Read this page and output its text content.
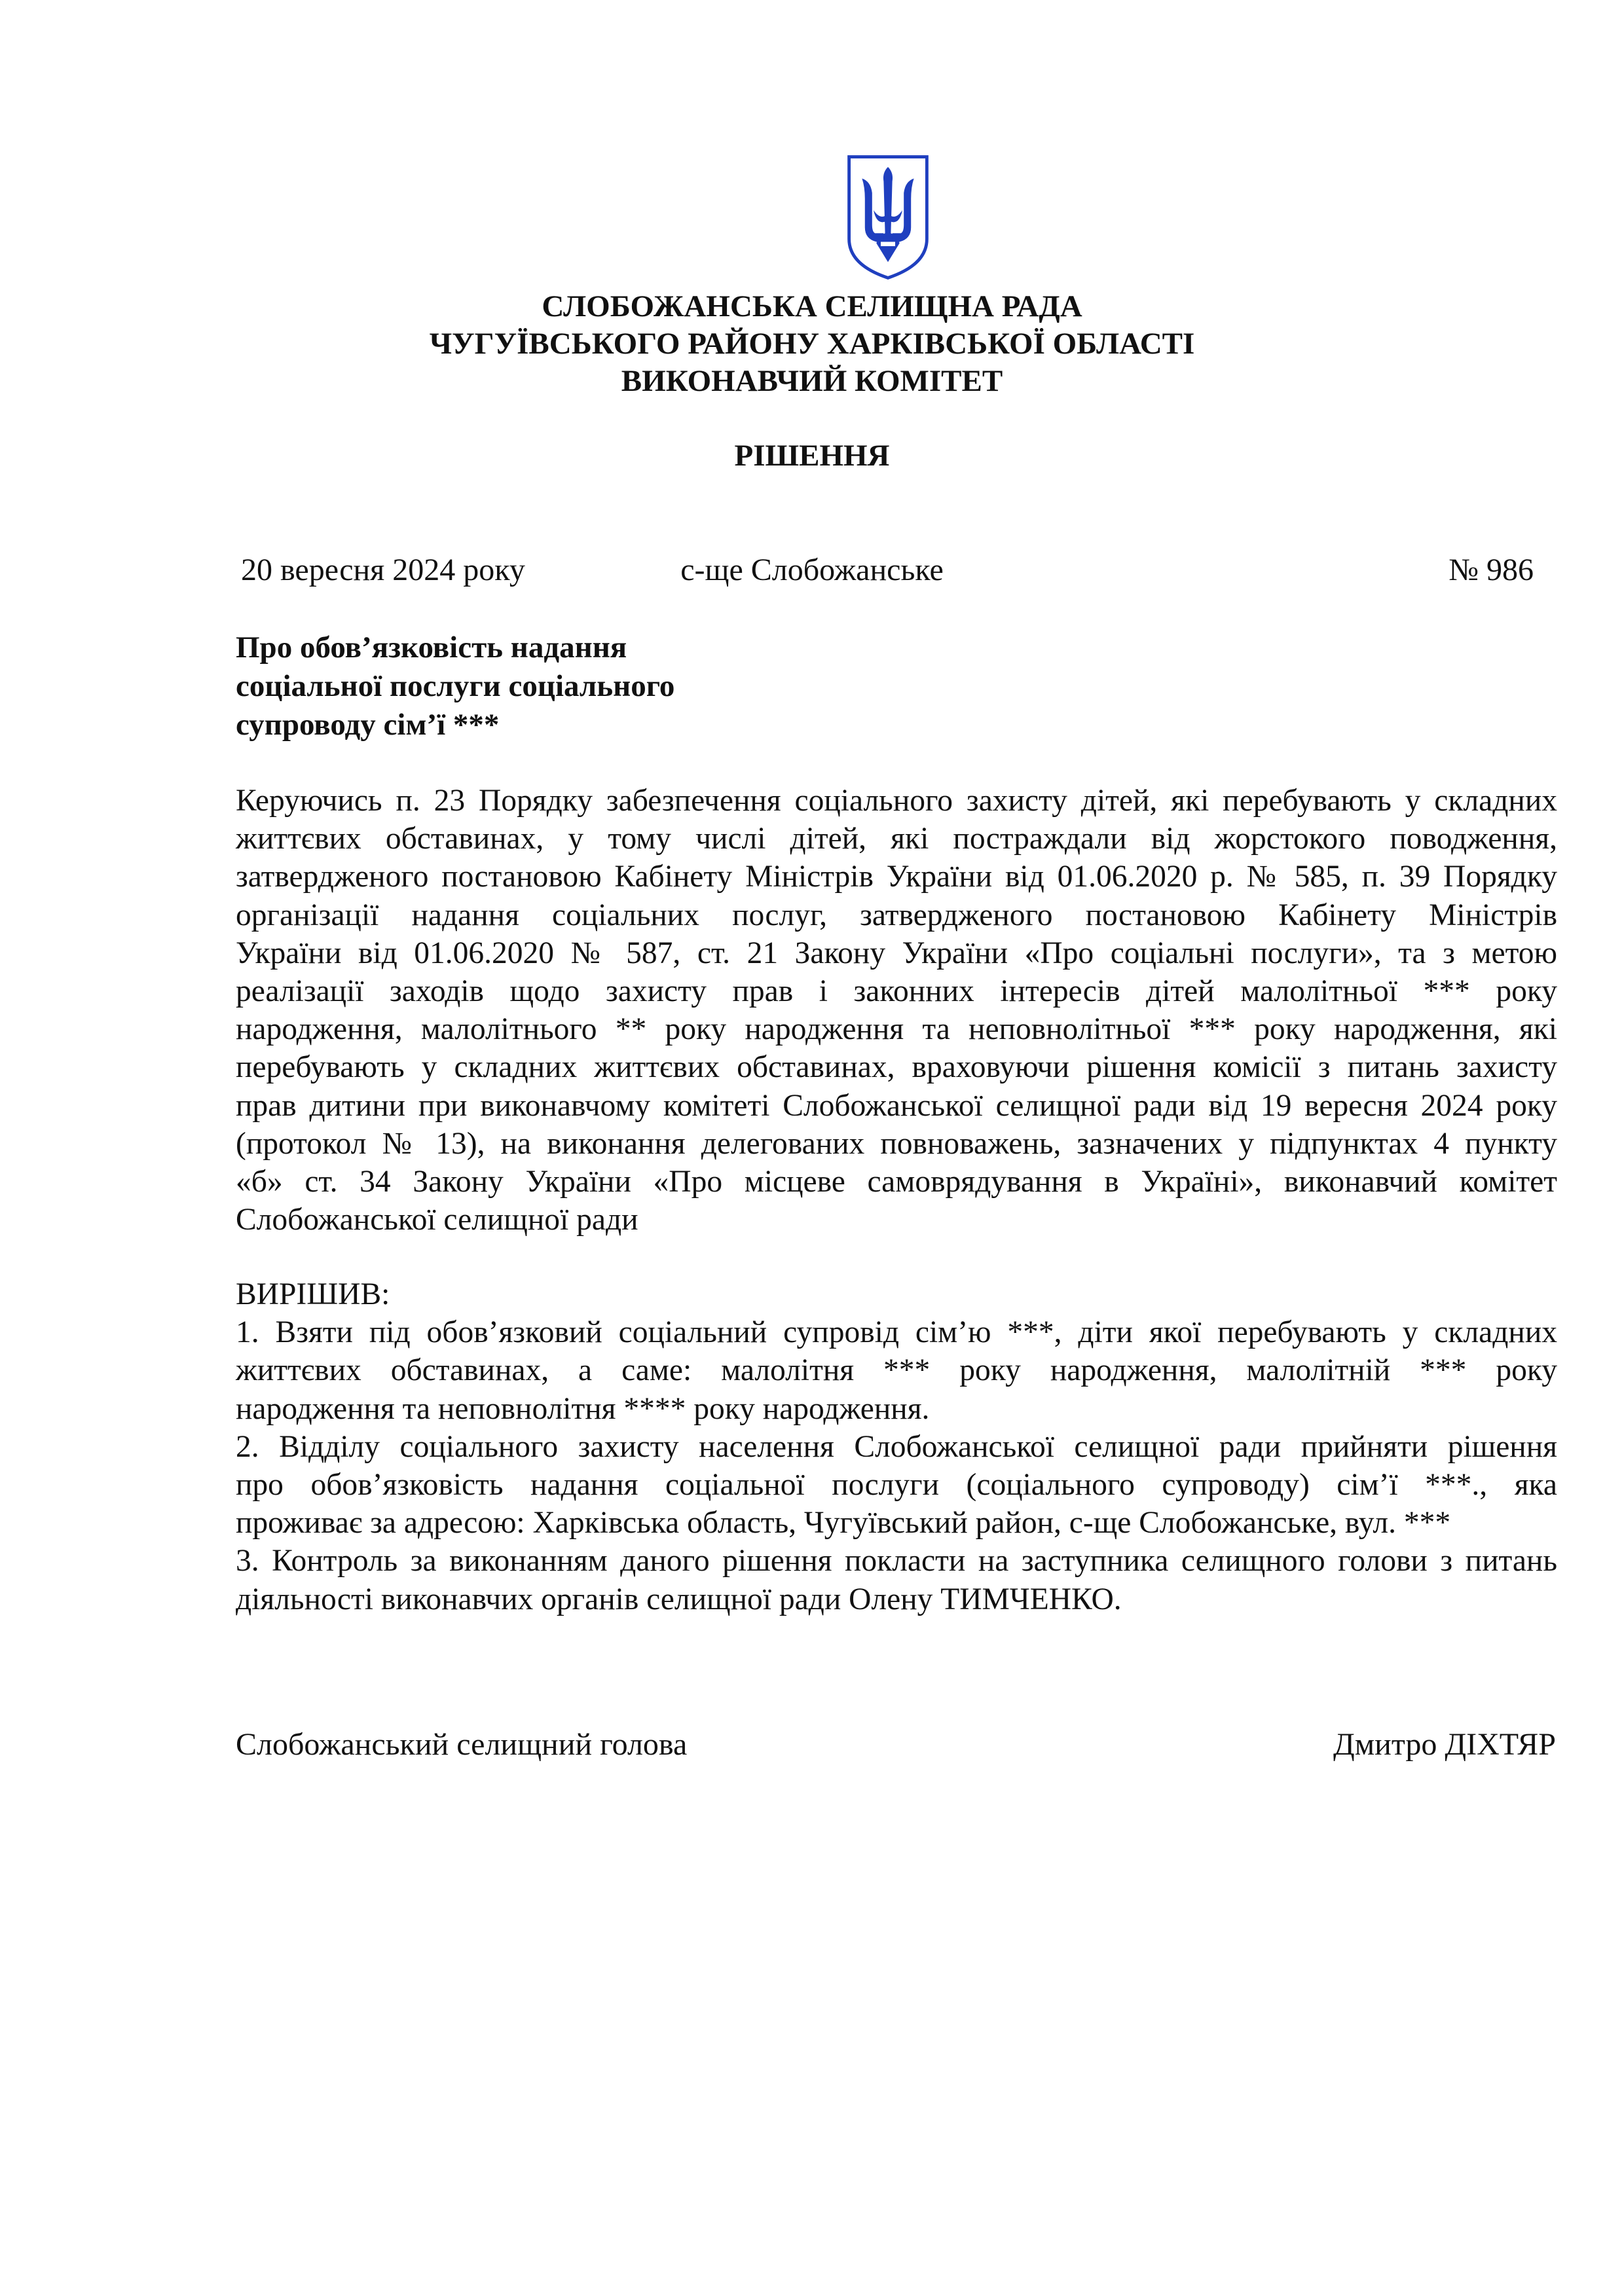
СЛОБОЖАНСЬКА СЕЛИЩНА РАДА
ЧУГУЇВСЬКОГО РАЙОНУ ХАРКІВСЬКОЇ ОБЛАСТІ
ВИКОНАВЧИЙ КОМІТЕТ
РІШЕННЯ
20 вересня 2024 року	с-ще Слобожанське	№ 986
Про обов’язковість надання
соціальної послуги соціального
супроводу сім’ї ***
Керуючись п. 23 Порядку забезпечення соціального захисту дітей, які перебувають у складних
життєвих обставинах, у тому числі дітей, які постраждали від жорстокого поводження,
затвердженого постановою Кабінету Міністрів України від 01.06.2020 р. № 585, п. 39 Порядку
організації надання соціальних послуг, затвердженого постановою Кабінету Міністрів
України від 01.06.2020 № 587, ст. 21 Закону України «Про соціальні послуги», та з метою
реалізації заходів щодо захисту прав і законних інтересів дітей малолітньої *** року
народження, малолітнього ** року народження та неповнолітньої *** року народження, які
перебувають у складних життєвих обставинах, враховуючи рішення комісії з питань захисту
прав дитини при виконавчому комітеті Слобожанської селищної ради від 19 вересня 2024 року
(протокол № 13), на виконання делегованих повноважень, зазначених у підпунктах 4 пункту
«б» ст. 34 Закону України «Про місцеве самоврядування в Україні», виконавчий комітет
Слобожанської селищної ради
ВИРІШИВ:
1. Взяти під обов’язковий соціальний супровід сім’ю ***, діти якої перебувають у складних
життєвих обставинах, а саме: малолітня *** року народження, малолітній *** року
народження та неповнолітня **** року народження.
2. Відділу соціального захисту населення Слобожанської селищної ради прийняти рішення
про обов’язковість надання соціальної послуги (соціального супроводу) сім’ї ***., яка
проживає за адресою: Харківська область, Чугуївський район, с-ще Слобожанське, вул. ***
3. Контроль за виконанням даного рішення покласти на заступника селищного голови з питань
діяльності виконавчих органів селищної ради Олену ТИМЧЕНКО.
Слобожанський селищний голова	Дмитро ДІХТЯР
